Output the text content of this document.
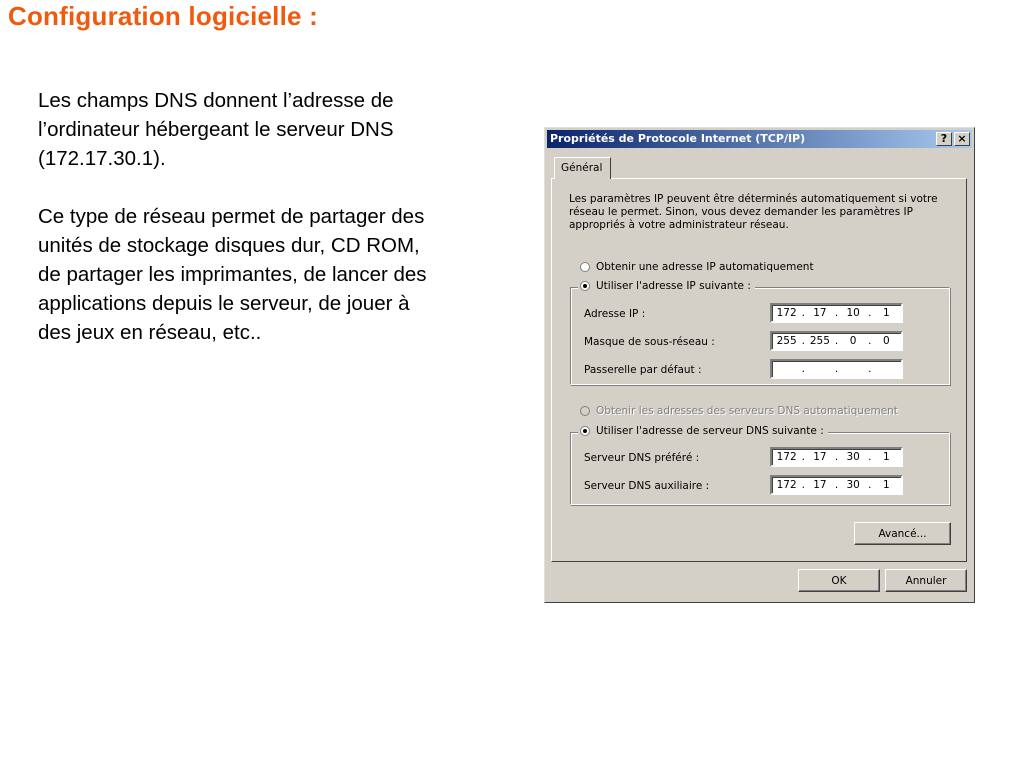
Configuration logicielle :

Les champs DNS donnent l’adresse de
l’ordinateur hébergeant le serveur DNS
(172.17.30.1).

Ce type de réseau permet de partager des
unités de stockage disques dur, CD ROM,
de partager les imprimantes, de lancer des
applications depuis le serveur, de jouer à
des jeux en réseau, etc..

Propriétés de Protocole Internet (TCP/IP)	? ×
Général
Les paramètres IP peuvent être déterminés automatiquement si votre
réseau le permet. Sinon, vous devez demander les paramètres IP
appropriés à votre administrateur réseau.
Obtenir une adresse IP automatiquement
Utiliser l'adresse IP suivante :
Adresse IP :	172 . 17 . 10 .	1
Masque de sous-réseau :	255 . 255 .	0	.	0
Passerelle par défaut :	.	.	.
Obtenir les adresses des serveurs DNS automatiquement
Utiliser l'adresse de serveur DNS suivante :
Serveur DNS préféré :	172 . 17 . 30 .	1
Serveur DNS auxiliaire :	172 . 17 . 30 .	1
Avancé...
OK	Annuler
